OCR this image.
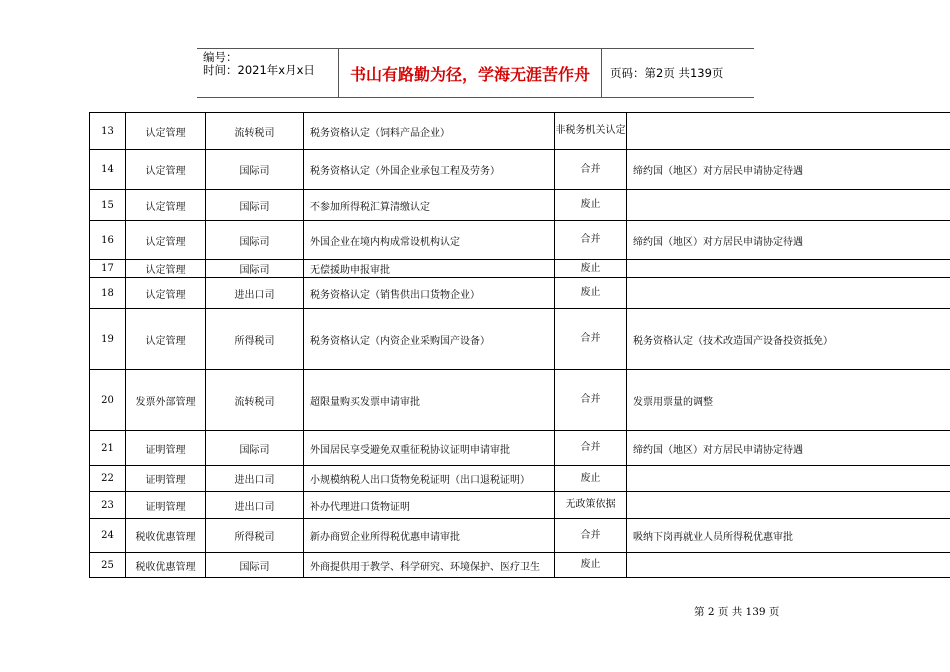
编号：
时间：2021年x月x日	书山有路勤为径，学海无涯苦作舟	页码：第2页 共139页
13	认定管理	流转税司	税务资格认定（饲料产品企业）	非税务机关认定	
14	认定管理	国际司	税务资格认定（外国企业承包工程及劳务）	合并	缔约国（地区）对方居民申请协定待遇
15	认定管理	国际司	不参加所得税汇算清缴认定	废止	
16	认定管理	国际司	外国企业在境内构成常设机构认定	合并	缔约国（地区）对方居民申请协定待遇
17	认定管理	国际司	无偿援助申报审批	废止	
18	认定管理	进出口司	税务资格认定（销售供出口货物企业）	废止	
19	认定管理	所得税司	税务资格认定（内资企业采购国产设备）	合并	税务资格认定（技术改造国产设备投资抵免）
20	发票外部管理	流转税司	超限量购买发票申请审批	合并	发票用票量的调整
21	证明管理	国际司	外国居民享受避免双重征税协议证明申请审批	合并	缔约国（地区）对方居民申请协定待遇
22	证明管理	进出口司	小规模纳税人出口货物免税证明（出口退税证明）	废止	
23	证明管理	进出口司	补办代理进口货物证明	无政策依据	
24	税收优惠管理	所得税司	新办商贸企业所得税优惠申请审批	合并	吸纳下岗再就业人员所得税优惠审批
25	税收优惠管理	国际司	外商提供用于教学、科学研究、环境保护、医疗卫生	废止	
第 2 页 共 139 页
